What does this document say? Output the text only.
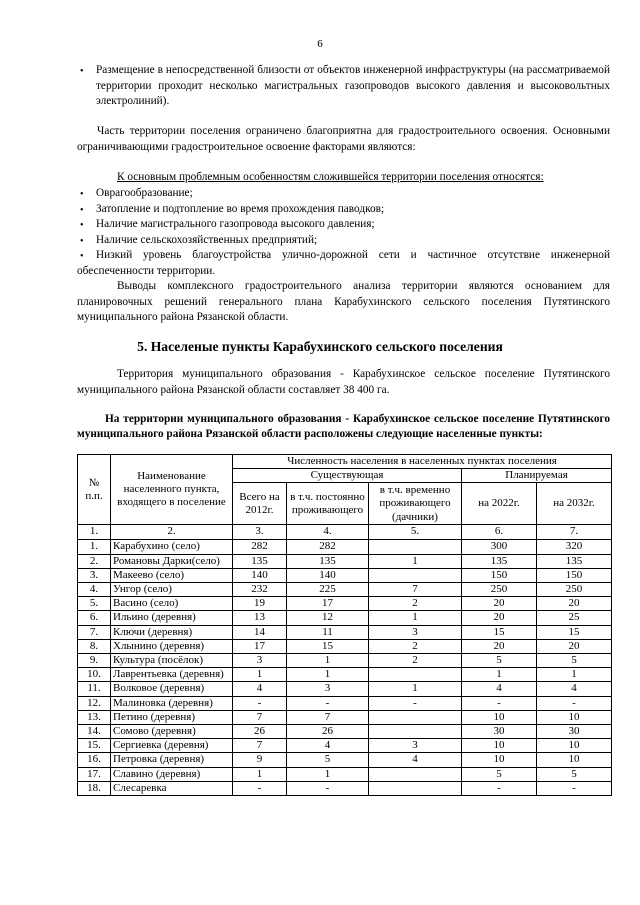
6
• Размещение в непосредственной близости от объектов инженерной инфраструктуры (на рассматриваемой территории проходит несколько магистральных газопроводов высокого давления и высоковольтных электролиний).
Часть территории поселения ограничено благоприятна для градостроительного освоения. Основными ограничивающими градостроительное освоение факторами являются:
К основным проблемным особенностям сложившейся территории поселения относятся:
• Оврагообразование;
• Затопление и подтопление во время прохождения паводков;
• Наличие магистрального газопровода высокого давления;
• Наличие сельскохозяйственных предприятий;
•	Низкий уровень благоустройства улично-дорожной сети и частичное отсутствие инженерной обеспеченности территории.
Выводы комплексного градостроительного анализа территории являются основанием для планировочных решений генерального плана Карабухинского сельского поселения Путятинского муниципального района Рязанской области.
5. Населеные пункты Карабухинского сельского поселения
Территория муниципального образования - Карабухинское сельское поселение Путятинского муниципального района Рязанской области составляет 38 400 га.
На территории муниципального образования - Карабухинское сельское поселение Путятинского муниципального района Рязанской области расположены следующие населенные пункты:
№ п.п.	Наименование населенного пункта, входящего в поселение	Численность населения в населенных пунктах поселения				
		Существующая			Планируемая	
		Всего на 2012г.	в т.ч. постоянно проживающего	в т.ч. временно проживающего (дачники)	на 2022г.	на 2032г.
1.	2.	3.	4.	5.	6.	7.
1.	Карабухино (село)	282	282		300	320
2.	Романовы Дарки(село)	135	135	1	135	135
3.	Макеево (село)	140	140		150	150
4.	Унгор (село)	232	225	7	250	250
5.	Васино (село)	19	17	2	20	20
6.	Ильино (деревня)	13	12	1	20	25
7.	Ключи (деревня)	14	11	3	15	15
8.	Хлынино (деревня)	17	15	2	20	20
9.	Культура (посёлок)	3	1	2	5	5
10.	Лаврентьевка (деревня)	1	1		1	1
11.	Волковое (деревня)	4	3	1	4	4
12.	Малиновка (деревня)	-	-	-	-	-
13.	Петино (деревня)	7	7		10	10
14.	Сомово (деревня)	26	26		30	30
15.	Сергиевка (деревня)	7	4	3	10	10
16.	Петровка (деревня)	9	5	4	10	10
17.	Славино (деревня)	1	1		5	5
18.	Слесаревка	-	-		-	-
